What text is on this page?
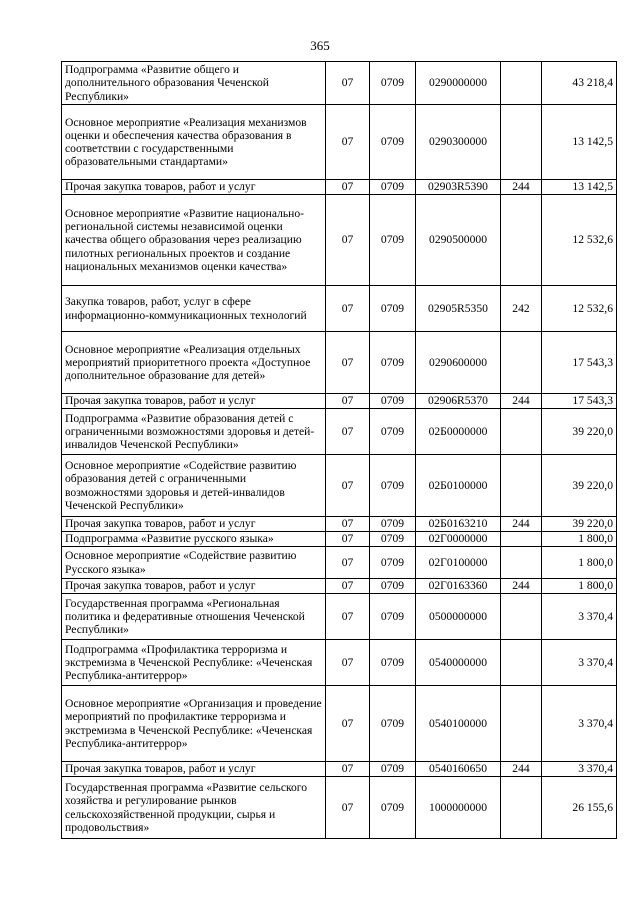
365
Подпрограмма «Развитие общего и дополнительного образования Чеченской Республики»	07	0709	0290000000		43 218,4
Основное мероприятие «Реализация механизмов оценки и обеспечения качества образования в соответствии с государственными образовательными стандартами»	07	0709	0290300000		13 142,5
Прочая закупка товаров, работ и услуг	07	0709	02903R5390	244	13 142,5
Основное мероприятие «Развитие национально-региональной системы независимой оценки качества общего образования через реализацию пилотных региональных проектов и создание национальных механизмов оценки качества»	07	0709	0290500000		12 532,6
Закупка товаров, работ, услуг в сфере информационно-коммуникационных технологий	07	0709	02905R5350	242	12 532,6
Основное мероприятие «Реализация отдельных мероприятий приоритетного проекта «Доступное дополнительное образование для детей»	07	0709	0290600000		17 543,3
Прочая закупка товаров, работ и услуг	07	0709	02906R5370	244	17 543,3
Подпрограмма «Развитие образования детей с ограниченными возможностями здоровья и детей-инвалидов Чеченской Республики»	07	0709	02Б0000000		39 220,0
Основное мероприятие «Содействие развитию образования детей с ограниченными возможностями здоровья и детей-инвалидов Чеченской Республики»	07	0709	02Б0100000		39 220,0
Прочая закупка товаров, работ и услуг	07	0709	02Б0163210	244	39 220,0
Подпрограмма «Развитие русского языка»	07	0709	02Г0000000		1 800,0
Основное мероприятие «Содействие развитию Русского языка»	07	0709	02Г0100000		1 800,0
Прочая закупка товаров, работ и услуг	07	0709	02Г0163360	244	1 800,0
Государственная программа «Региональная политика и федеративные отношения Чеченской Республики»	07	0709	0500000000		3 370,4
Подпрограмма «Профилактика терроризма и экстремизма в Чеченской Республике: «Чеченская Республика-антитеррор»	07	0709	0540000000		3 370,4
Основное мероприятие «Организация и проведение мероприятий по профилактике терроризма и экстремизма в Чеченской Республике: «Чеченская Республика-антитеррор»	07	0709	0540100000		3 370,4
Прочая закупка товаров, работ и услуг	07	0709	0540160650	244	3 370,4
Государственная программа «Развитие сельского хозяйства и регулирование рынков сельскохозяйственной продукции, сырья и продовольствия»	07	0709	1000000000		26 155,6
